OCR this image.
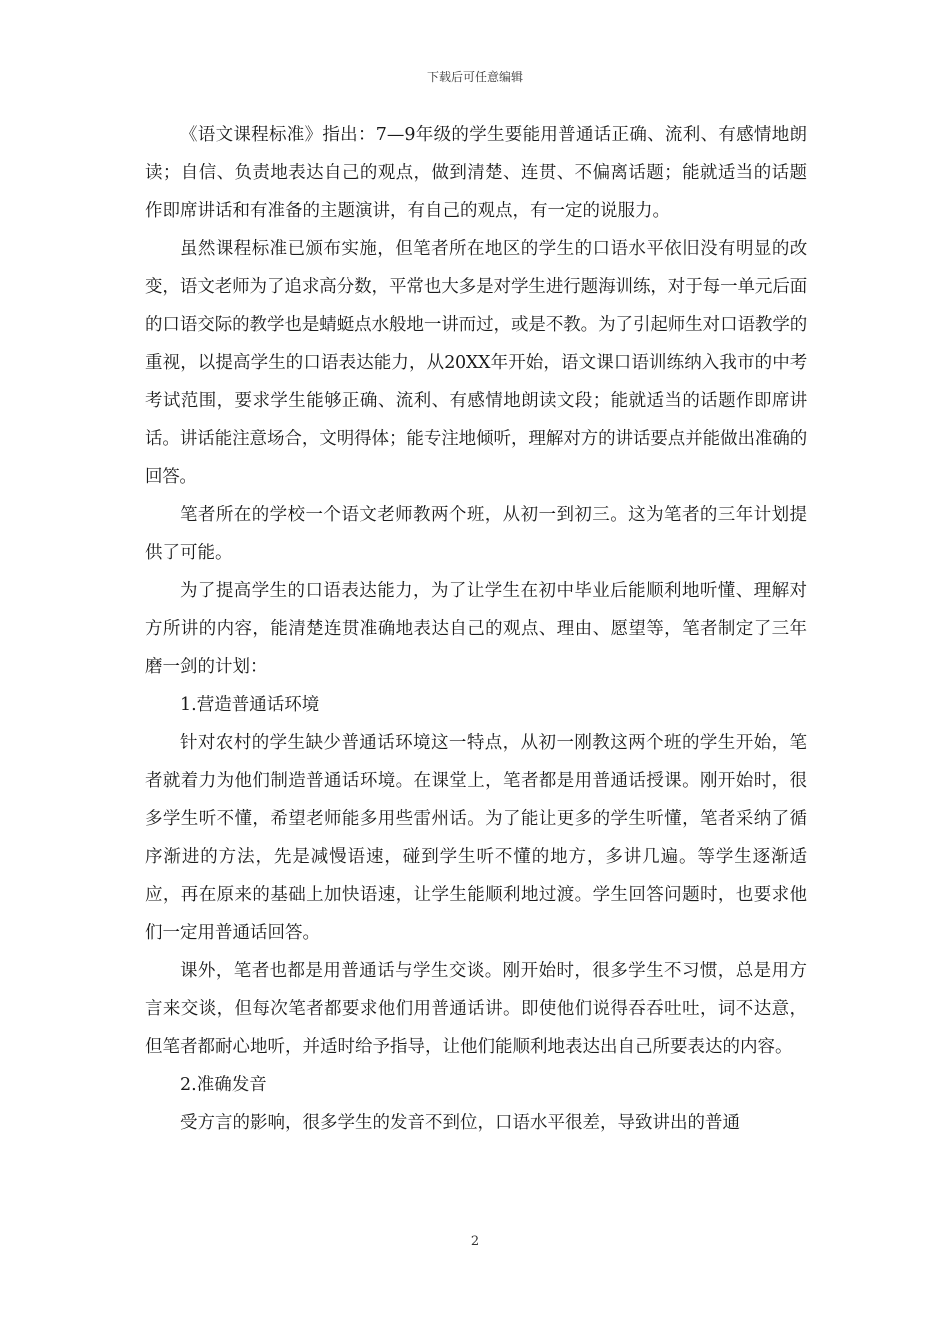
下载后可任意编辑

《语文课程标准》指出：7—9年级的学生要能用普通话正确、流利、有感情地朗读；自信、负责地表达自己的观点，做到清楚、连贯、不偏离话题；能就适当的话题作即席讲话和有准备的主题演讲，有自己的观点，有一定的说服力。

虽然课程标准已颁布实施，但笔者所在地区的学生的口语水平依旧没有明显的改变，语文老师为了追求高分数，平常也大多是对学生进行题海训练，对于每一单元后面的口语交际的教学也是蜻蜓点水般地一讲而过，或是不教。为了引起师生对口语教学的重视，以提高学生的口语表达能力，从20XX年开始，语文课口语训练纳入我市的中考考试范围，要求学生能够正确、流利、有感情地朗读文段；能就适当的话题作即席讲话。讲话能注意场合，文明得体；能专注地倾听，理解对方的讲话要点并能做出准确的回答。

笔者所在的学校一个语文老师教两个班，从初一到初三。这为笔者的三年计划提供了可能。

为了提高学生的口语表达能力，为了让学生在初中毕业后能顺利地听懂、理解对方所讲的内容，能清楚连贯准确地表达自己的观点、理由、愿望等，笔者制定了三年磨一剑的计划：

1.营造普通话环境

针对农村的学生缺少普通话环境这一特点，从初一刚教这两个班的学生开始，笔者就着力为他们制造普通话环境。在课堂上，笔者都是用普通话授课。刚开始时，很多学生听不懂，希望老师能多用些雷州话。为了能让更多的学生听懂，笔者采纳了循序渐进的方法，先是减慢语速，碰到学生听不懂的地方，多讲几遍。等学生逐渐适应，再在原来的基础上加快语速，让学生能顺利地过渡。学生回答问题时，也要求他们一定用普通话回答。

课外，笔者也都是用普通话与学生交谈。刚开始时，很多学生不习惯，总是用方言来交谈，但每次笔者都要求他们用普通话讲。即使他们说得吞吞吐吐，词不达意，但笔者都耐心地听，并适时给予指导，让他们能顺利地表达出自己所要表达的内容。

2.准确发音

受方言的影响，很多学生的发音不到位，口语水平很差，导致讲出的普通

2
